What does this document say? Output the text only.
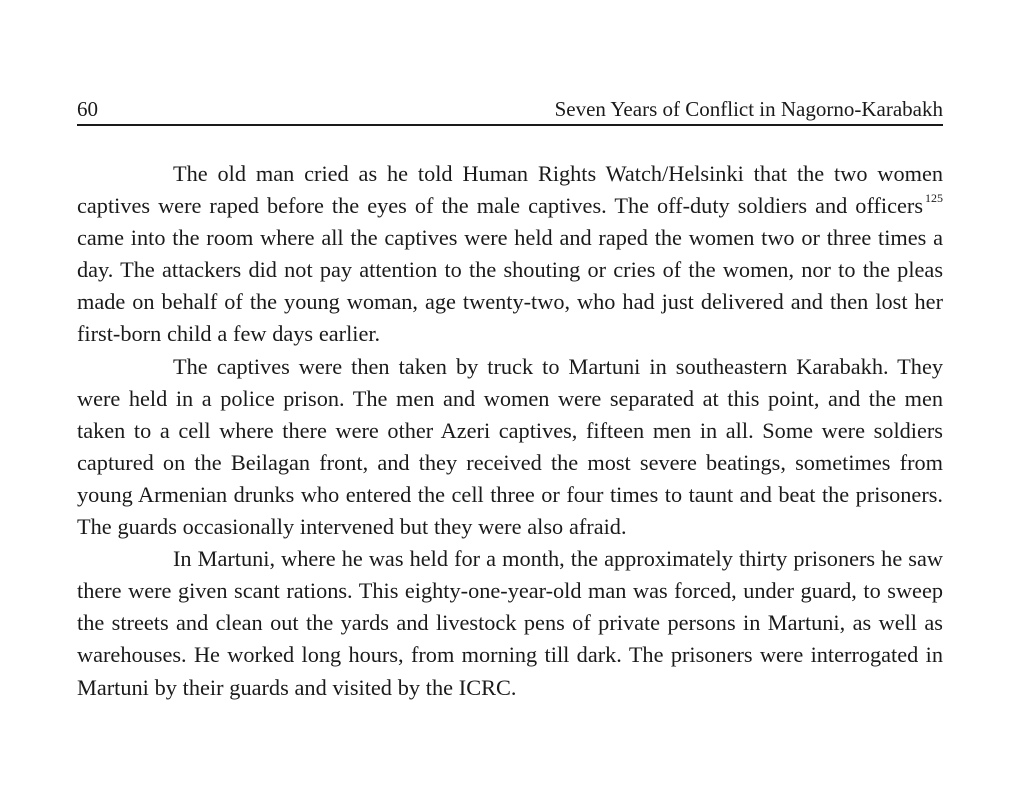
60	Seven Years of Conflict in Nagorno-Karabakh

The old man cried as he told Human Rights Watch/Helsinki that the two women captives were raped before the eyes of the male captives. The off-duty soldiers and officers $^{125}$ came into the room where all the captives were held and raped the women two or three times a day. The attackers did not pay attention to the shouting or cries of the women, nor to the pleas made on behalf of the young woman, age twenty-two, who had just delivered and then lost her first-born child a few days earlier.

The captives were then taken by truck to Martuni in southeastern Karabakh. They were held in a police prison. The men and women were separated at this point, and the men taken to a cell where there were other Azeri captives, fifteen men in all. Some were soldiers captured on the Beilagan front, and they received the most severe beatings, sometimes from young Armenian drunks who entered the cell three or four times to taunt and beat the prisoners. The guards occasionally intervened but they were also afraid.

In Martuni, where he was held for a month, the approximately thirty prisoners he saw there were given scant rations. This eighty-one-year-old man was forced, under guard, to sweep the streets and clean out the yards and livestock pens of private persons in Martuni, as well as warehouses. He worked long hours, from morning till dark. The prisoners were interrogated in Martuni by their guards and visited by the ICRC.
